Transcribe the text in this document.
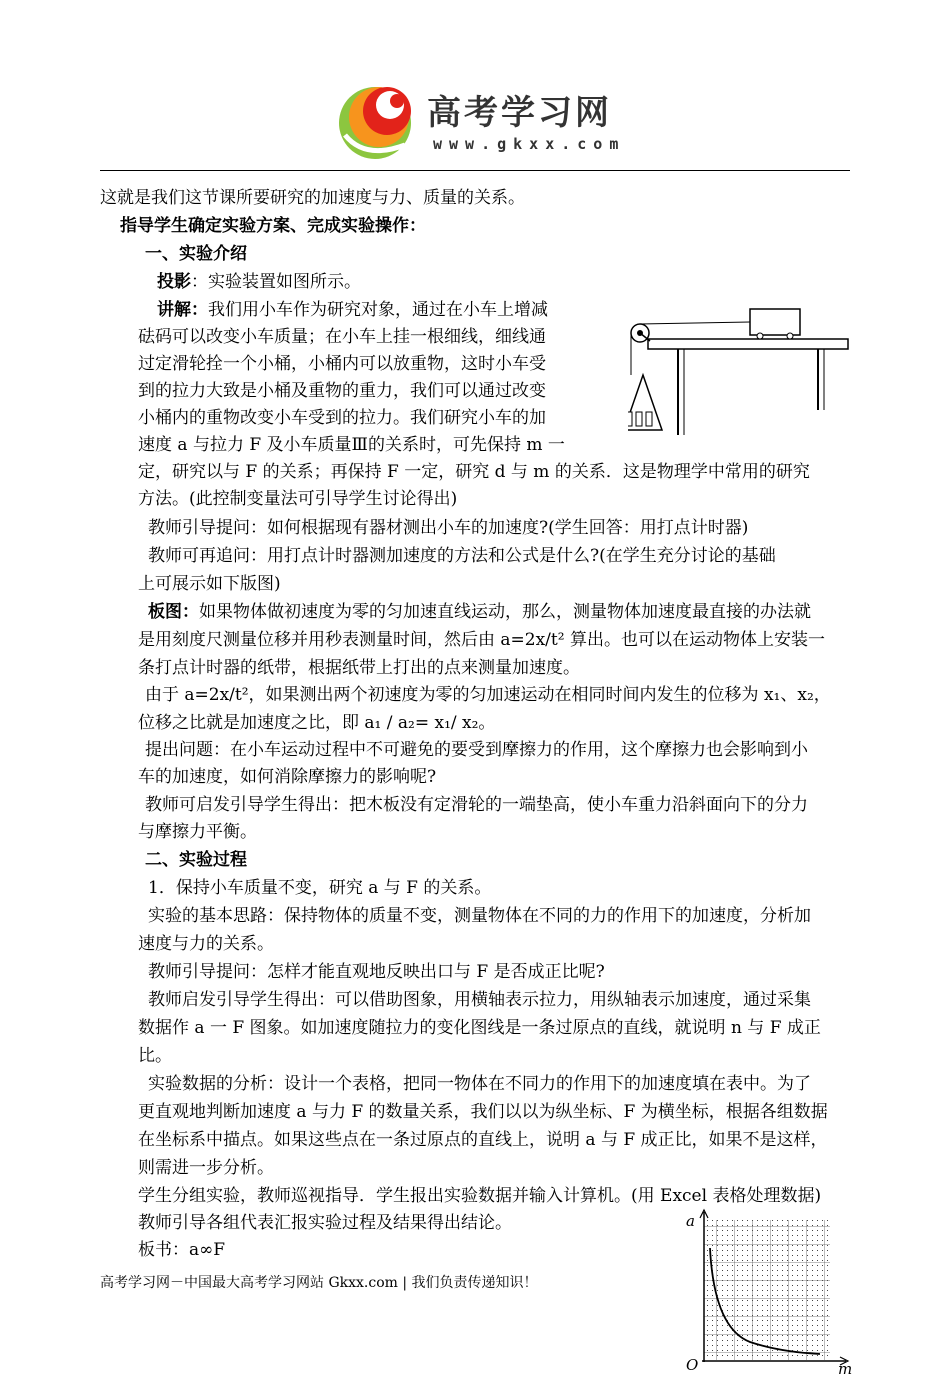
高考学习网
www.gkxx.com
这就是我们这节课所要研究的加速度与力、质量的关系。
指导学生确定实验方案、完成实验操作：
一、实验介绍
投影：实验装置如图所示。
讲解：我们用小车作为研究对象，通过在小车上增减
砝码可以改变小车质量；在小车上挂一根细线，细线通
过定滑轮拴一个小桶，小桶内可以放重物，这时小车受
到的拉力大致是小桶及重物的重力，我们可以通过改变
小桶内的重物改变小车受到的拉力。我们研究小车的加
速度 a 与拉力 F 及小车质量Ⅲ的关系时，可先保持 m 一
定，研究以与 F 的关系；再保持 F 一定，研究 d 与 m 的关系．这是物理学中常用的研究
方法。(此控制变量法可引导学生讨论得出)
教师引导提问：如何根据现有器材测出小车的加速度?(学生回答：用打点计时器)
教师可再追问：用打点计时器测加速度的方法和公式是什么?(在学生充分讨论的基础
上可展示如下版图)
板图：如果物体做初速度为零的匀加速直线运动，那么，测量物体加速度最直接的办法就
是用刻度尺测量位移并用秒表测量时间，然后由 a=2x/t² 算出。也可以在运动物体上安装一
条打点计时器的纸带，根据纸带上打出的点来测量加速度。
由于 a=2x/t²，如果测出两个初速度为零的匀加速运动在相同时间内发生的位移为 x₁、x₂，
位移之比就是加速度之比，即 a₁ / a₂= x₁/ x₂。
提出问题：在小车运动过程中不可避免的要受到摩擦力的作用，这个摩擦力也会影响到小
车的加速度，如何消除摩擦力的影响呢?
教师可启发引导学生得出：把木板没有定滑轮的一端垫高，使小车重力沿斜面向下的分力
与摩擦力平衡。
二、实验过程
1．保持小车质量不变，研究 a 与 F 的关系。
实验的基本思路：保持物体的质量不变，测量物体在不同的力的作用下的加速度，分析加
速度与力的关系。
教师引导提问：怎样才能直观地反映出口与 F 是否成正比呢?
教师启发引导学生得出：可以借助图象，用横轴表示拉力，用纵轴表示加速度，通过采集
数据作 a 一 F 图象。如加速度随拉力的变化图线是一条过原点的直线，就说明 n 与 F 成正
比。
实验数据的分析：设计一个表格，把同一物体在不同力的作用下的加速度填在表中。为了
更直观地判断加速度 a 与力 F 的数量关系，我们以以为纵坐标、F 为横坐标，根据各组数据
在坐标系中描点。如果这些点在一条过原点的直线上，说明 a 与 F 成正比，如果不是这样，
则需进一步分析。
学生分组实验，教师巡视指导．学生报出实验数据并输入计算机。(用 Excel 表格处理数据)
教师引导各组代表汇报实验过程及结果得出结论。
板书：a∞F
a
m
O
高考学习网－中国最大高考学习网站 Gkxx.com | 我们负责传递知识！
